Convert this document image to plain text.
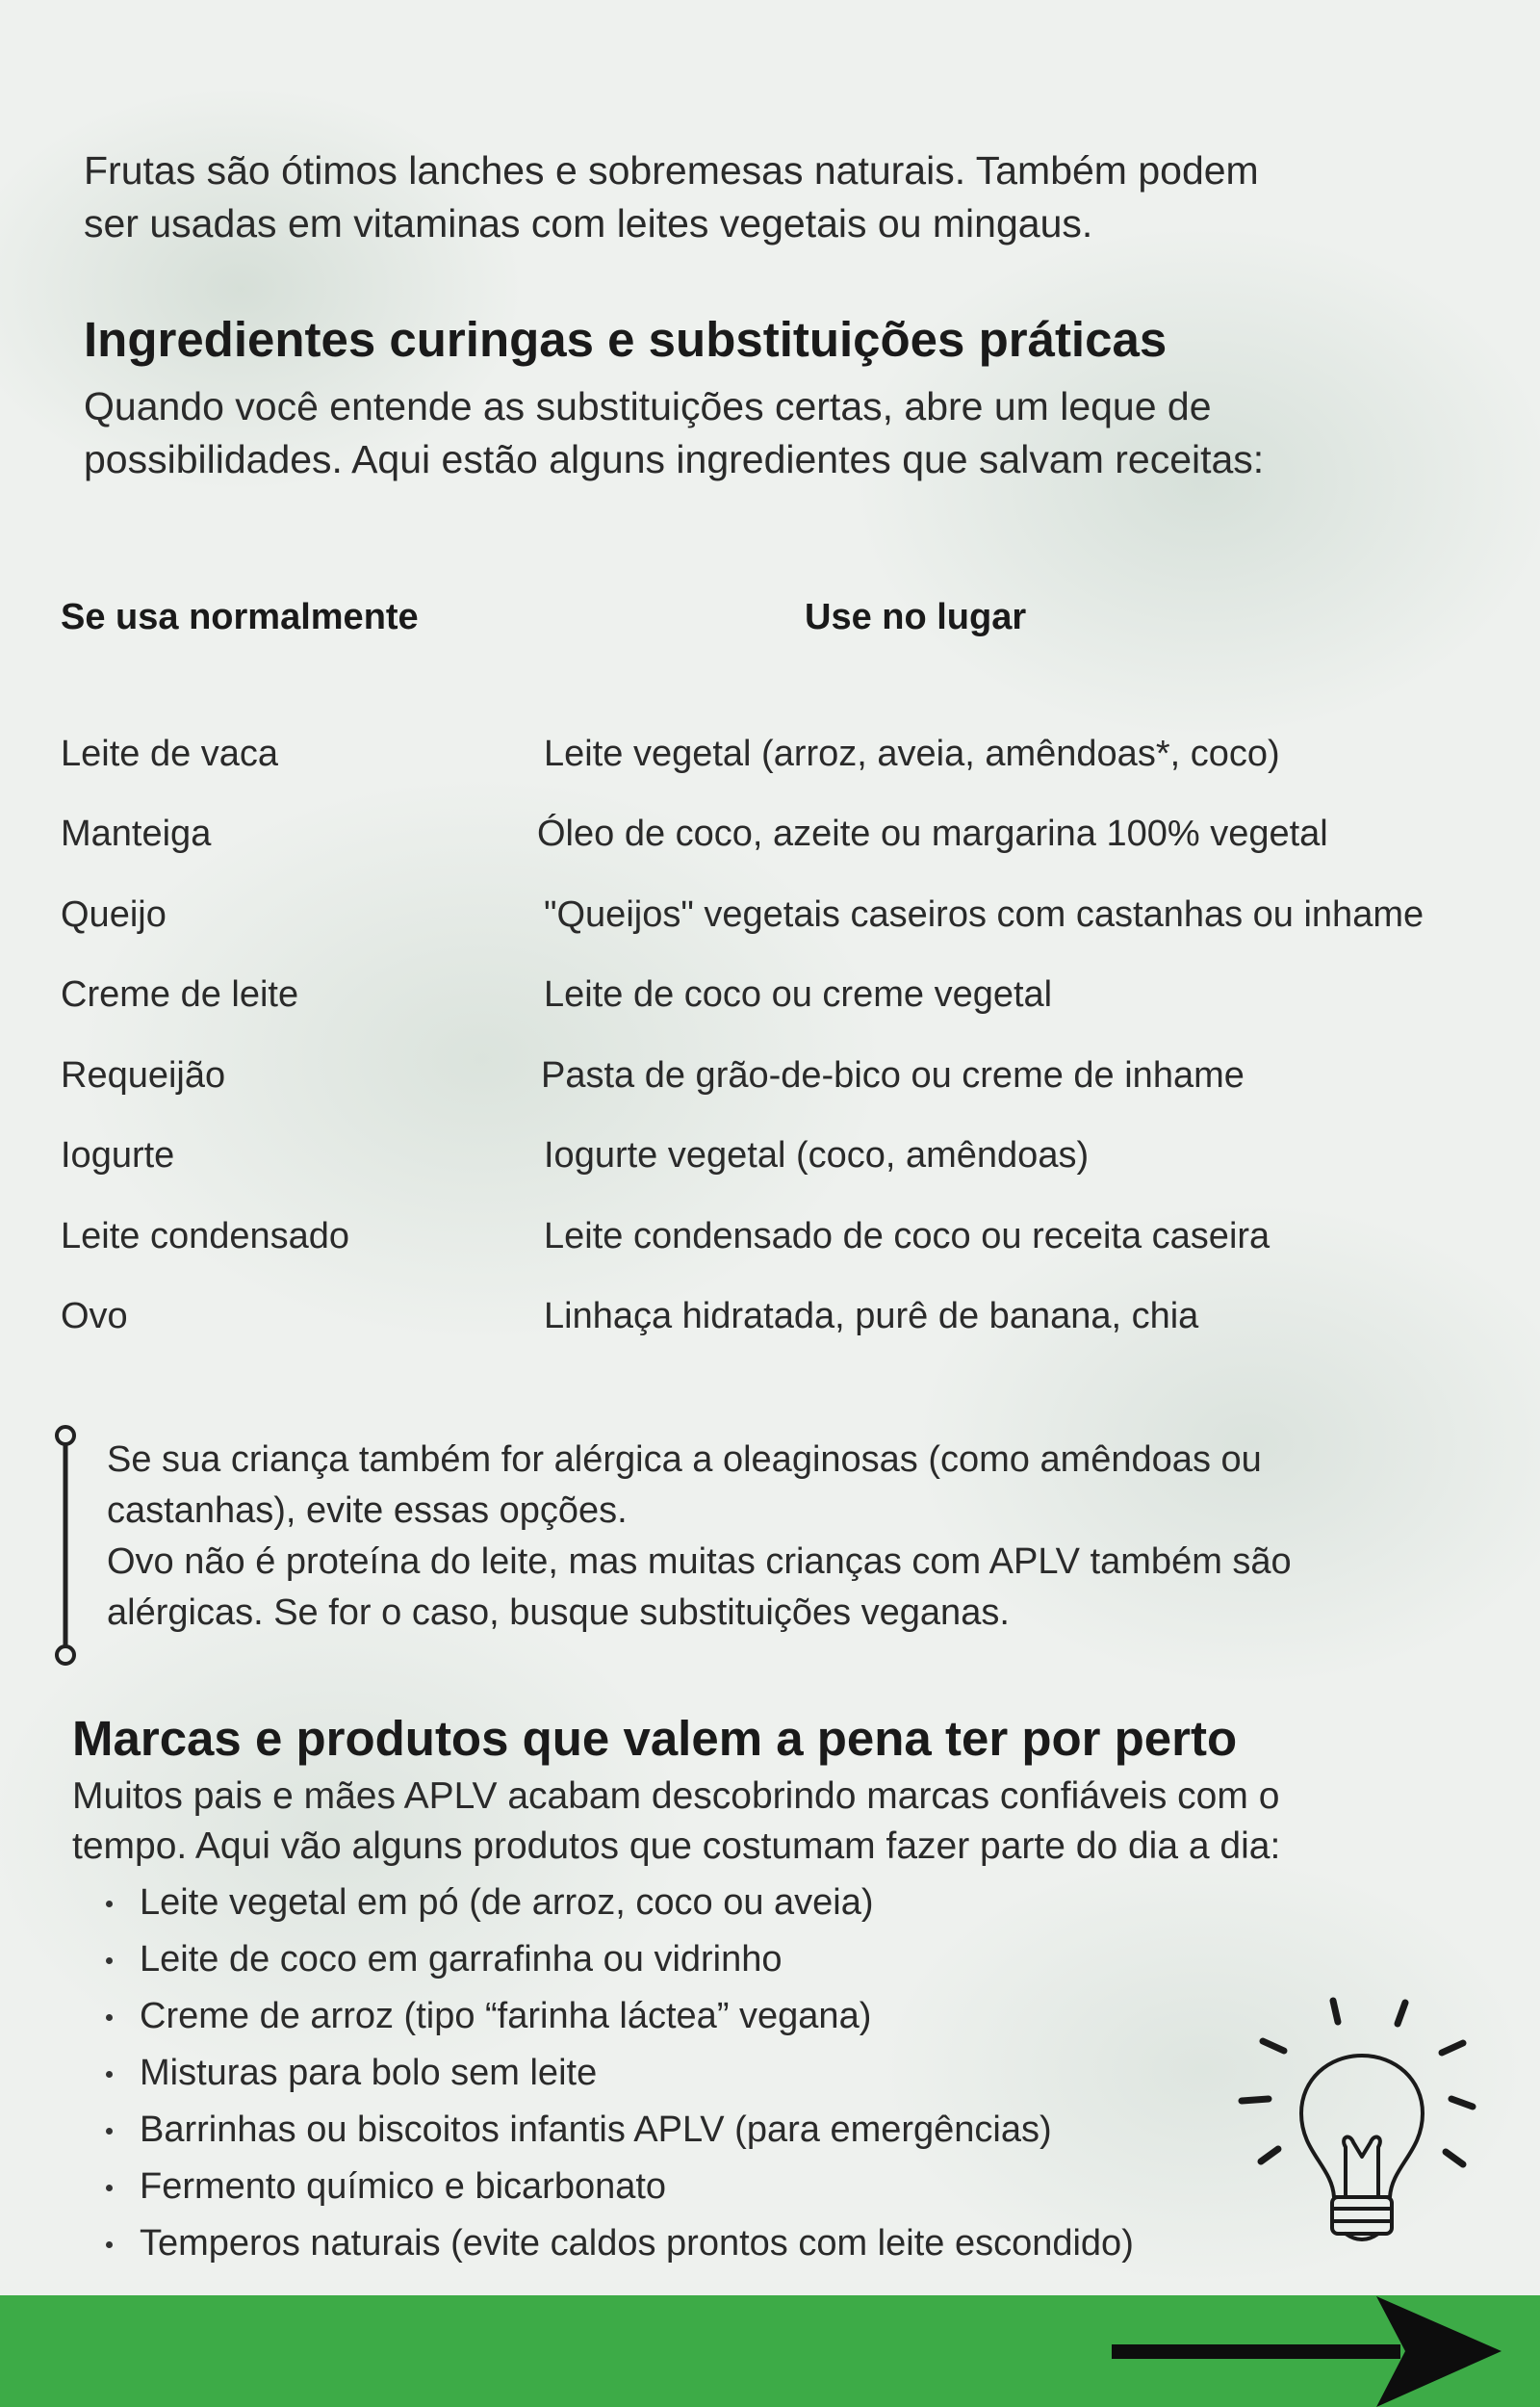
Frutas são ótimos lanches e sobremesas naturais. Também podem
ser usadas em vitaminas com leites vegetais ou mingaus.
Ingredientes curingas e substituições práticas
Quando você entende as substituições certas, abre um leque de
possibilidades. Aqui estão alguns ingredientes que salvam receitas:
Se usa normalmente	Use no lugar
Leite de vaca	Leite vegetal (arroz, aveia, amêndoas*, coco)
Manteiga	Óleo de coco, azeite ou margarina 100% vegetal
Queijo	"Queijos" vegetais caseiros com castanhas ou inhame
Creme de leite	Leite de coco ou creme vegetal
Requeijão	Pasta de grão-de-bico ou creme de inhame
Iogurte	Iogurte vegetal (coco, amêndoas)
Leite condensado	Leite condensado de coco ou receita caseira
Ovo	Linhaça hidratada, purê de banana, chia
Se sua criança também for alérgica a oleaginosas (como amêndoas ou
castanhas), evite essas opções.
Ovo não é proteína do leite, mas muitas crianças com APLV também são
alérgicas. Se for o caso, busque substituições veganas.
Marcas e produtos que valem a pena ter por perto
Muitos pais e mães APLV acabam descobrindo marcas confiáveis com o
tempo. Aqui vão alguns produtos que costumam fazer parte do dia a dia:
Leite vegetal em pó (de arroz, coco ou aveia)
Leite de coco em garrafinha ou vidrinho
Creme de arroz (tipo “farinha láctea” vegana)
Misturas para bolo sem leite
Barrinhas ou biscoitos infantis APLV (para emergências)
Fermento químico e bicarbonato
Temperos naturais (evite caldos prontos com leite escondido)
